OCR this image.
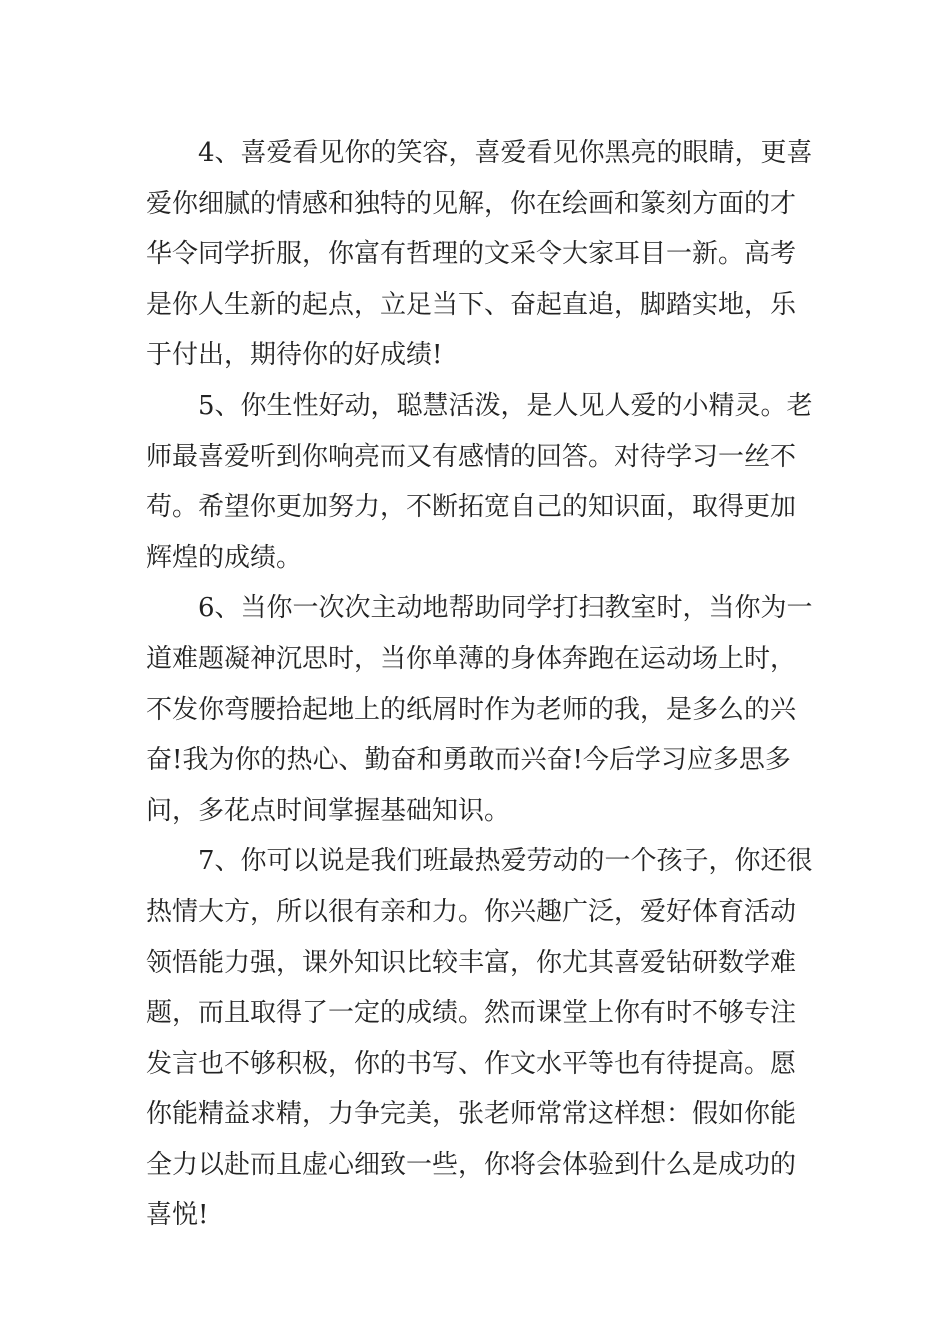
4、喜爱看见你的笑容，喜爱看见你黑亮的眼睛，更喜
爱你细腻的情感和独特的见解，你在绘画和篆刻方面的才
华令同学折服，你富有哲理的文采令大家耳目一新。高考
是你人生新的起点，立足当下、奋起直追，脚踏实地，乐
于付出，期待你的好成绩!
5、你生性好动，聪慧活泼，是人见人爱的小精灵。老
师最喜爱听到你响亮而又有感情的回答。对待学习一丝不
苟。希望你更加努力，不断拓宽自己的知识面，取得更加
辉煌的成绩。
6、当你一次次主动地帮助同学打扫教室时，当你为一
道难题凝神沉思时，当你单薄的身体奔跑在运动场上时，
不发你弯腰拾起地上的纸屑时作为老师的我，是多么的兴
奋!我为你的热心、勤奋和勇敢而兴奋!今后学习应多思多
问，多花点时间掌握基础知识。
7、你可以说是我们班最热爱劳动的一个孩子，你还很
热情大方，所以很有亲和力。你兴趣广泛，爱好体育活动
领悟能力强，课外知识比较丰富，你尤其喜爱钻研数学难
题，而且取得了一定的成绩。然而课堂上你有时不够专注
发言也不够积极，你的书写、作文水平等也有待提高。愿
你能精益求精，力争完美，张老师常常这样想：假如你能
全力以赴而且虚心细致一些，你将会体验到什么是成功的
喜悦!
